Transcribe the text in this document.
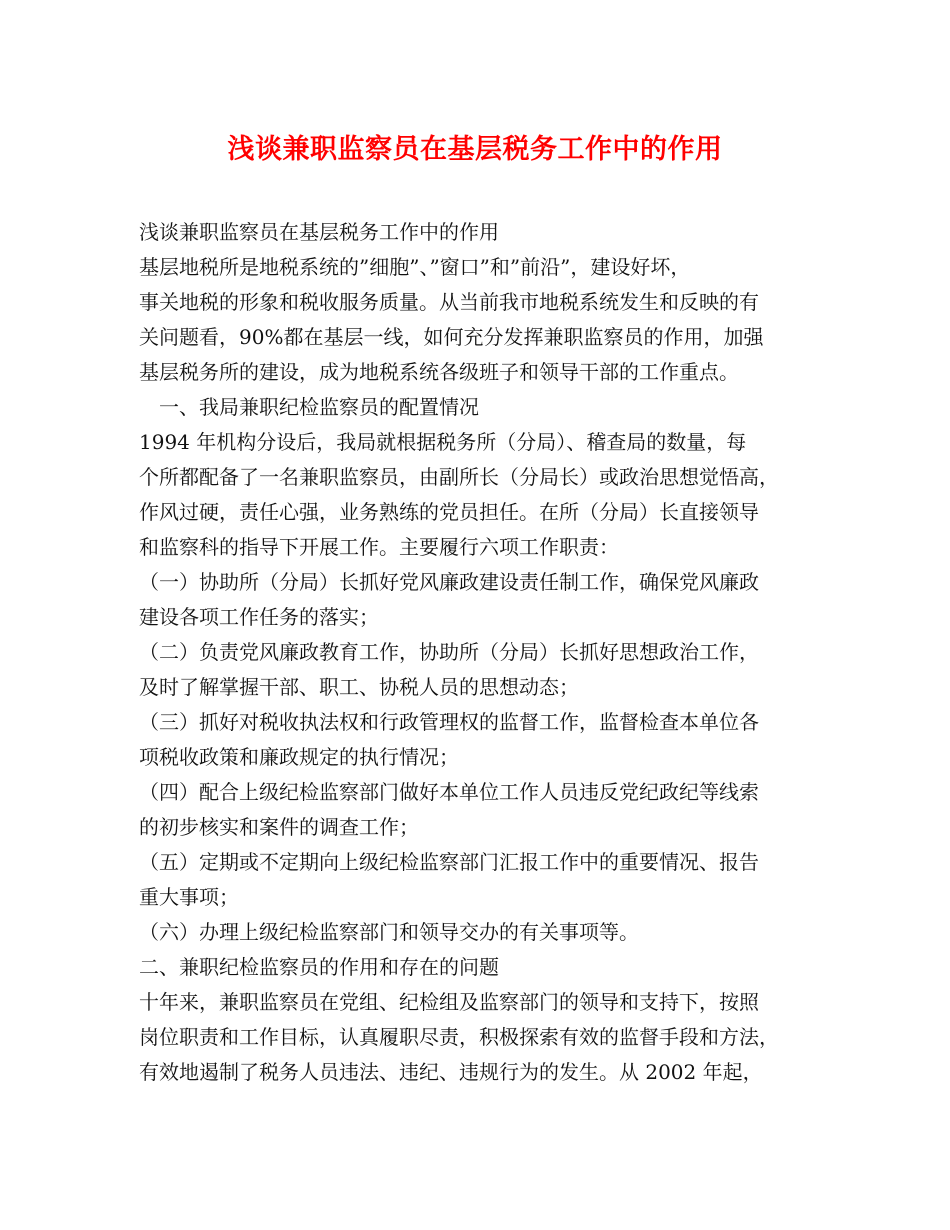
浅谈兼职监察员在基层税务工作中的作用
浅谈兼职监察员在基层税务工作中的作用
基层地税所是地税系统的”细胞”、”窗口”和”前沿”，建设好坏，
事关地税的形象和税收服务质量。从当前我市地税系统发生和反映的有
关问题看，90%都在基层一线，如何充分发挥兼职监察员的作用，加强
基层税务所的建设，成为地税系统各级班子和领导干部的工作重点。
一、我局兼职纪检监察员的配置情况
1994 年机构分设后，我局就根据税务所（分局）、稽查局的数量，每
个所都配备了一名兼职监察员，由副所长（分局长）或政治思想觉悟高，
作风过硬，责任心强，业务熟练的党员担任。在所（分局）长直接领导
和监察科的指导下开展工作。主要履行六项工作职责：
（一）协助所（分局）长抓好党风廉政建设责任制工作，确保党风廉政
建设各项工作任务的落实；
（二）负责党风廉政教育工作，协助所（分局）长抓好思想政治工作，
及时了解掌握干部、职工、协税人员的思想动态；
（三）抓好对税收执法权和行政管理权的监督工作，监督检查本单位各
项税收政策和廉政规定的执行情况；
（四）配合上级纪检监察部门做好本单位工作人员违反党纪政纪等线索
的初步核实和案件的调查工作；
（五）定期或不定期向上级纪检监察部门汇报工作中的重要情况、报告
重大事项；
（六）办理上级纪检监察部门和领导交办的有关事项等。
二、兼职纪检监察员的作用和存在的问题
十年来，兼职监察员在党组、纪检组及监察部门的领导和支持下，按照
岗位职责和工作目标，认真履职尽责，积极探索有效的监督手段和方法，
有效地遏制了税务人员违法、违纪、违规行为的发生。从 2002 年起，
